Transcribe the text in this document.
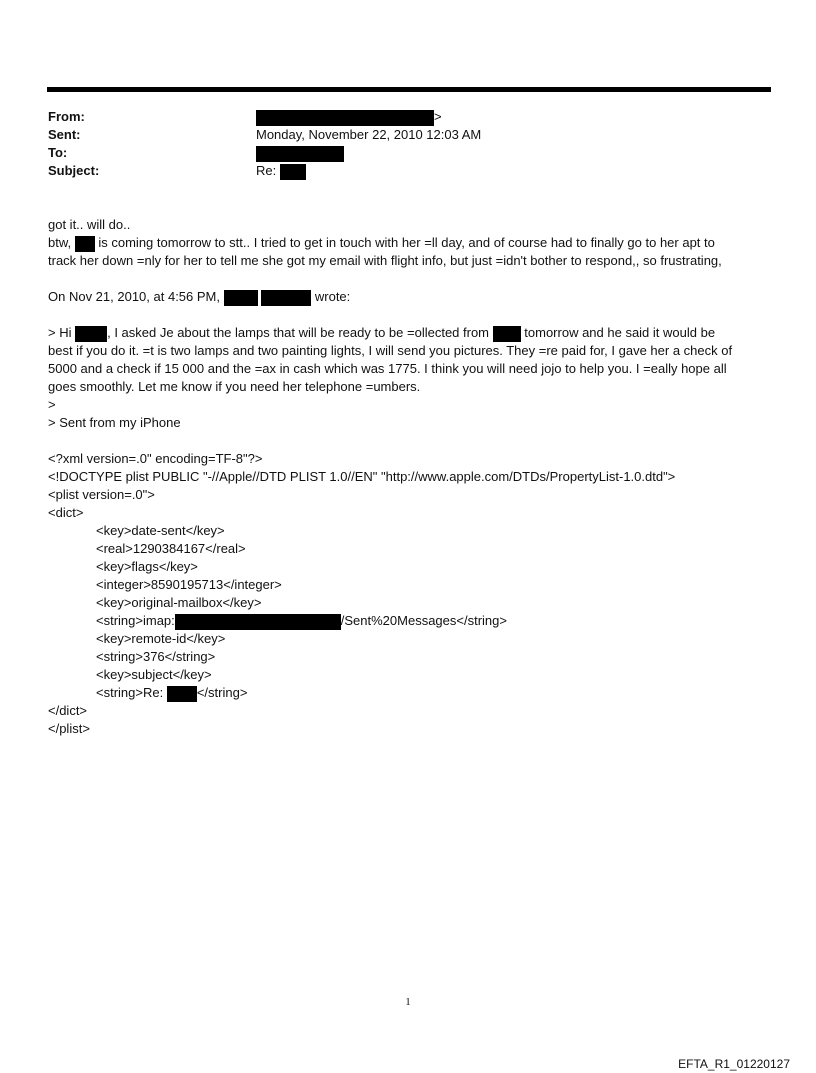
From:	>
Sent:	Monday, November 22, 2010 12:03 AM
To:
Subject:	Re:

got it.. will do..

btw, is coming tomorrow to stt.. I tried to get in touch with her =ll day, and of course had to finally go to her apt to

track her down =nly for her to tell me she got my email with flight info, but just =idn't bother to respond,, so frustrating,

On Nov 21, 2010, at 4:56 PM,	wrote:

> Hi	, I asked Je about the lamps that will be ready to be =ollected from	tomorrow and he said it would be

best if you do it. =t is two lamps and two painting lights, I will send you pictures. They =re paid for, I gave her a check of

5000 and a check if 15 000 and the =ax in cash which was 1775. I think you will need jojo to help you. I =eally hope all

goes smoothly. Let me know if you need her telephone =umbers.

>

> Sent from my iPhone

<?xml version=.0" encoding=TF-8"?>

<!DOCTYPE plist PUBLIC "-//Apple//DTD PLIST 1.0//EN" "http://www.apple.com/DTDs/PropertyList-1.0.dtd">

<plist version=.0">

<dict>

<key>date-sent</key>

<real>1290384167</real>

<key>flags</key>

<integer>8590195713</integer>

<key>original-mailbox</key>

<string>imap:	/Sent%20Messages</string>

<key>remote-id</key>

<string>376</string>

<key>subject</key>

<string>Re:	</string>

</dict>

</plist>

1
EFTA_R1_01220127
